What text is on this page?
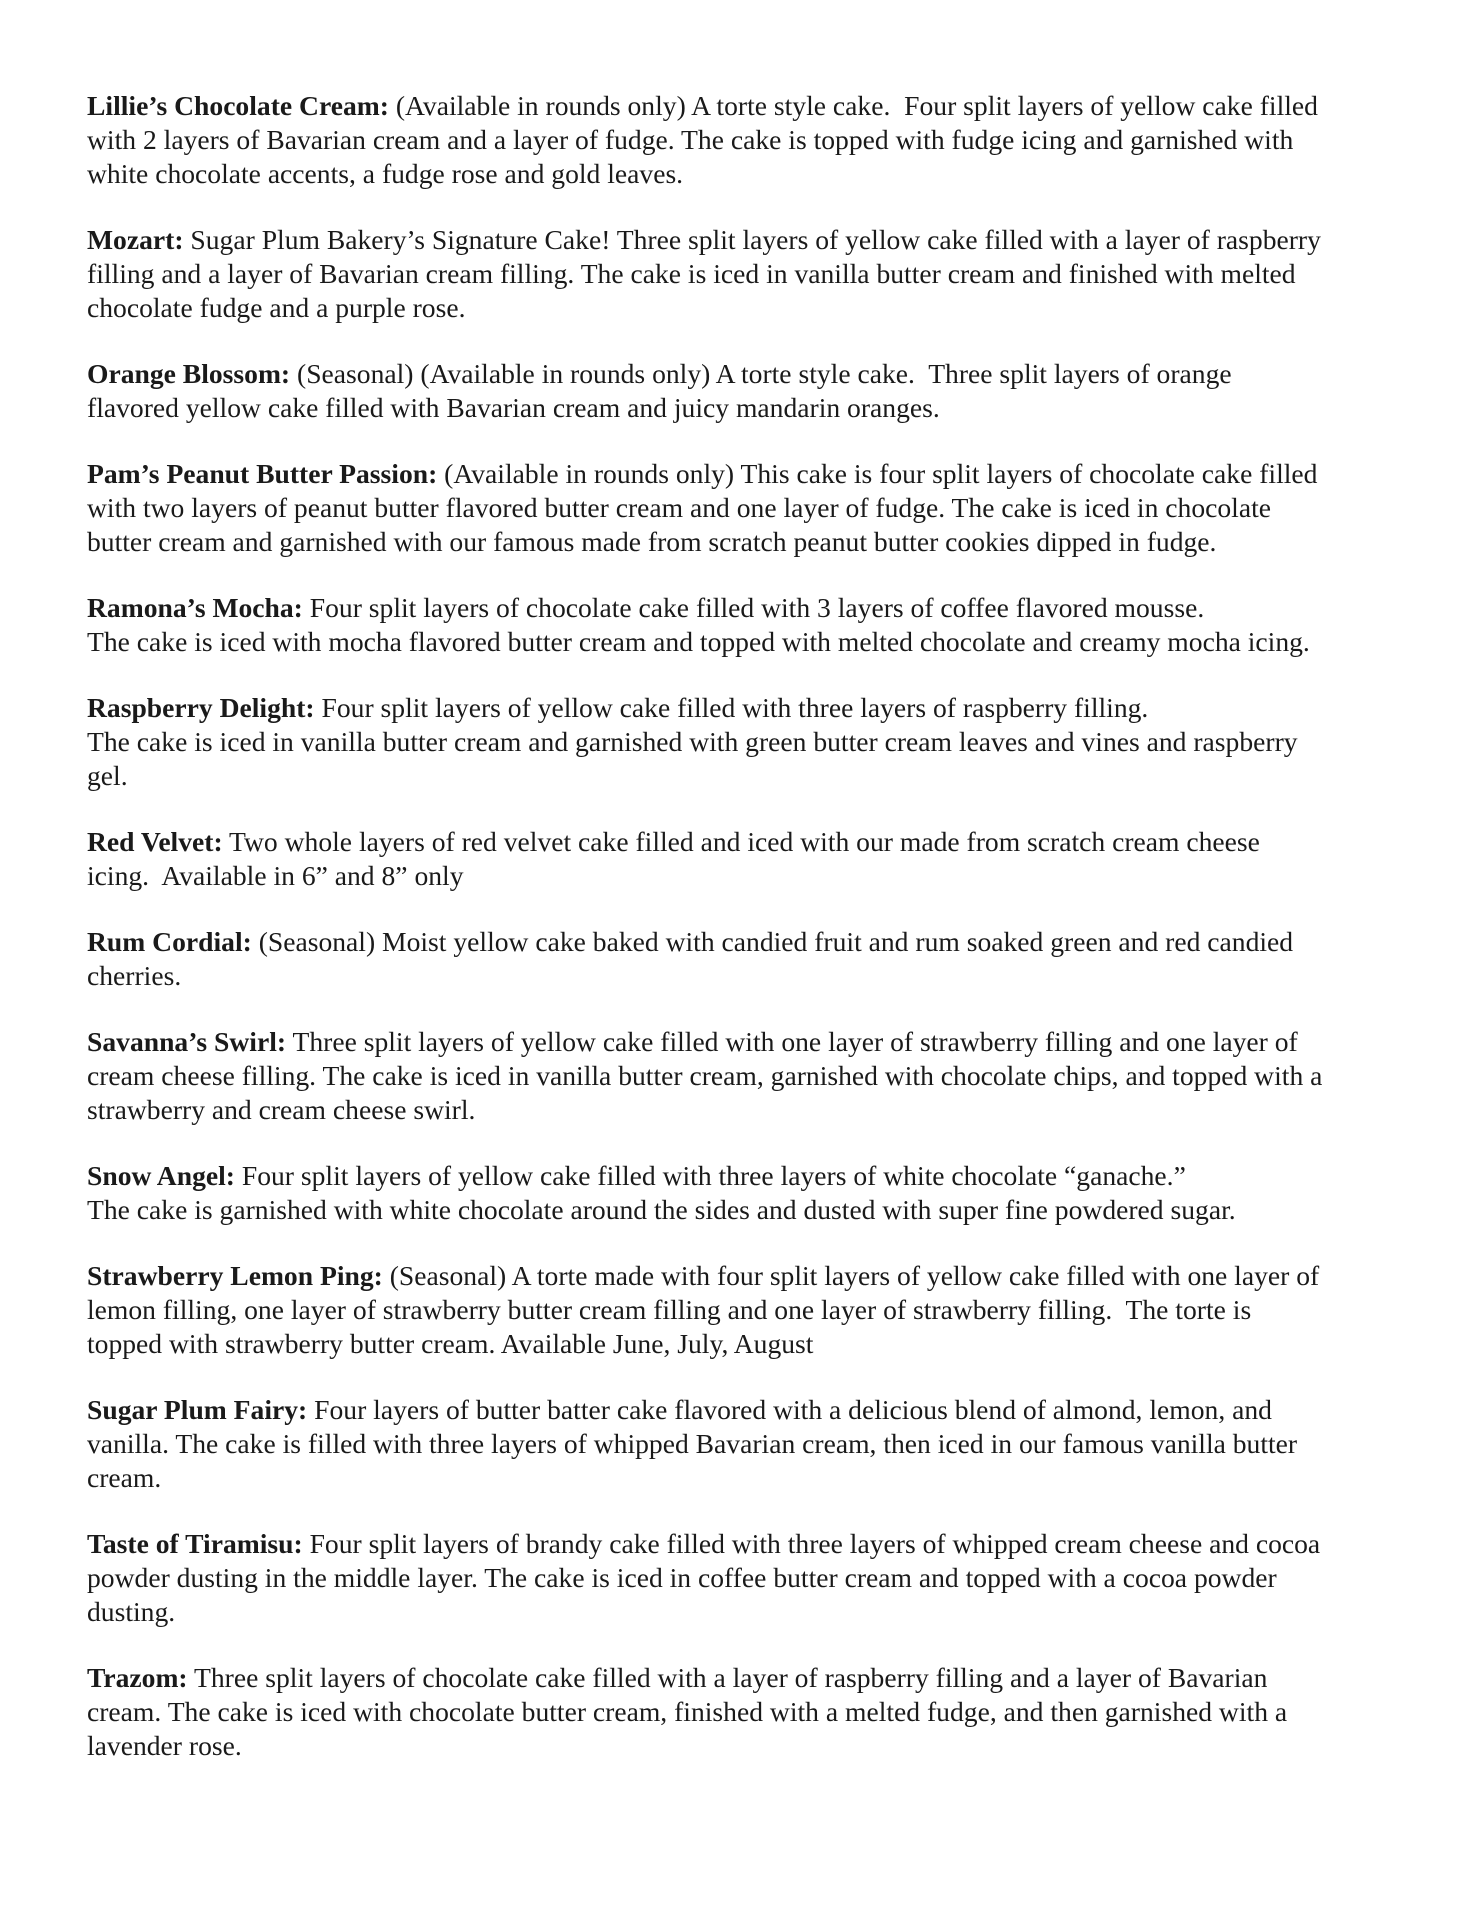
Lillie’s Chocolate Cream: (Available in rounds only) A torte style cake.  Four split layers of yellow cake filled
with 2 layers of Bavarian cream and a layer of fudge. The cake is topped with fudge icing and garnished with
white chocolate accents, a fudge rose and gold leaves.
Mozart: Sugar Plum Bakery’s Signature Cake! Three split layers of yellow cake filled with a layer of raspberry
filling and a layer of Bavarian cream filling. The cake is iced in vanilla butter cream and finished with melted
chocolate fudge and a purple rose.
Orange Blossom: (Seasonal) (Available in rounds only) A torte style cake.  Three split layers of orange
flavored yellow cake filled with Bavarian cream and juicy mandarin oranges.
Pam’s Peanut Butter Passion: (Available in rounds only) This cake is four split layers of chocolate cake filled
with two layers of peanut butter flavored butter cream and one layer of fudge. The cake is iced in chocolate
butter cream and garnished with our famous made from scratch peanut butter cookies dipped in fudge.
Ramona’s Mocha: Four split layers of chocolate cake filled with 3 layers of coffee flavored mousse.
The cake is iced with mocha flavored butter cream and topped with melted chocolate and creamy mocha icing.
Raspberry Delight: Four split layers of yellow cake filled with three layers of raspberry filling.
The cake is iced in vanilla butter cream and garnished with green butter cream leaves and vines and raspberry
gel.
Red Velvet: Two whole layers of red velvet cake filled and iced with our made from scratch cream cheese
icing.  Available in 6” and 8” only
Rum Cordial: (Seasonal) Moist yellow cake baked with candied fruit and rum soaked green and red candied
cherries.
Savanna’s Swirl: Three split layers of yellow cake filled with one layer of strawberry filling and one layer of
cream cheese filling. The cake is iced in vanilla butter cream, garnished with chocolate chips, and topped with a
strawberry and cream cheese swirl.
Snow Angel: Four split layers of yellow cake filled with three layers of white chocolate “ganache.”
The cake is garnished with white chocolate around the sides and dusted with super fine powdered sugar.
Strawberry Lemon Ping: (Seasonal) A torte made with four split layers of yellow cake filled with one layer of
lemon filling, one layer of strawberry butter cream filling and one layer of strawberry filling.  The torte is
topped with strawberry butter cream. Available June, July, August
Sugar Plum Fairy: Four layers of butter batter cake flavored with a delicious blend of almond, lemon, and
vanilla. The cake is filled with three layers of whipped Bavarian cream, then iced in our famous vanilla butter
cream.
Taste of Tiramisu: Four split layers of brandy cake filled with three layers of whipped cream cheese and cocoa
powder dusting in the middle layer. The cake is iced in coffee butter cream and topped with a cocoa powder
dusting.
Trazom: Three split layers of chocolate cake filled with a layer of raspberry filling and a layer of Bavarian
cream. The cake is iced with chocolate butter cream, finished with a melted fudge, and then garnished with a
lavender rose.
